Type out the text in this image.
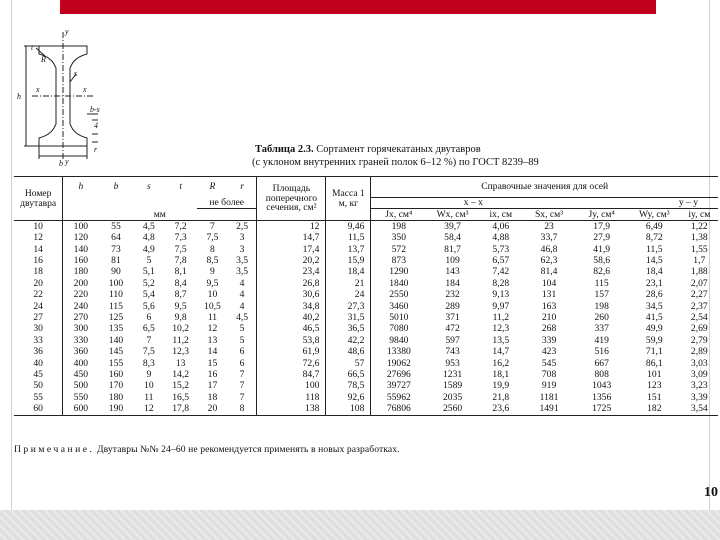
y
y
x	x
h
b
s
t
r
R
b-s
4
Таблица 2.3. Сортамент горячекатаных двутавров
(с уклоном внутренних граней полок 6–12 %) по ГОСТ 8239–89
Номер двутавра	h	b	s	t	R	r	Площадь поперечного сечения, см²	Масса 1 м, кг	Справочные значения для осей						
					не более				x – x				y – y		
	мм								Jx, см⁴	Wx, см³	ix, см	Sx, см³	Jy, см⁴	Wy, см³	iy, см
10	100	55	4,5	7,2	7	2,5	12	9,46	198	39,7	4,06	23	17,9	6,49	1,22
12	120	64	4,8	7,3	7,5	3	14,7	11,5	350	58,4	4,88	33,7	27,9	8,72	1,38
14	140	73	4,9	7,5	8	3	17,4	13,7	572	81,7	5,73	46,8	41,9	11,5	1,55
16	160	81	5	7,8	8,5	3,5	20,2	15,9	873	109	6,57	62,3	58,6	14,5	1,7
18	180	90	5,1	8,1	9	3,5	23,4	18,4	1290	143	7,42	81,4	82,6	18,4	1,88
20	200	100	5,2	8,4	9,5	4	26,8	21	1840	184	8,28	104	115	23,1	2,07
22	220	110	5,4	8,7	10	4	30,6	24	2550	232	9,13	131	157	28,6	2,27
24	240	115	5,6	9,5	10,5	4	34,8	27,3	3460	289	9,97	163	198	34,5	2,37
27	270	125	6	9,8	11	4,5	40,2	31,5	5010	371	11,2	210	260	41,5	2,54
30	300	135	6,5	10,2	12	5	46,5	36,5	7080	472	12,3	268	337	49,9	2,69
33	330	140	7	11,2	13	5	53,8	42,2	9840	597	13,5	339	419	59,9	2,79
36	360	145	7,5	12,3	14	6	61,9	48,6	13380	743	14,7	423	516	71,1	2,89
40	400	155	8,3	13	15	6	72,6	57	19062	953	16,2	545	667	86,1	3,03
45	450	160	9	14,2	16	7	84,7	66,5	27696	1231	18,1	708	808	101	3,09
50	500	170	10	15,2	17	7	100	78,5	39727	1589	19,9	919	1043	123	3,23
55	550	180	11	16,5	18	7	118	92,6	55962	2035	21,8	1181	1356	151	3,39
60	600	190	12	17,8	20	8	138	108	76806	2560	23,6	1491	1725	182	3,54
Примечание. Двутавры №№ 24–60 не рекомендуется применять в новых разработках.
10
